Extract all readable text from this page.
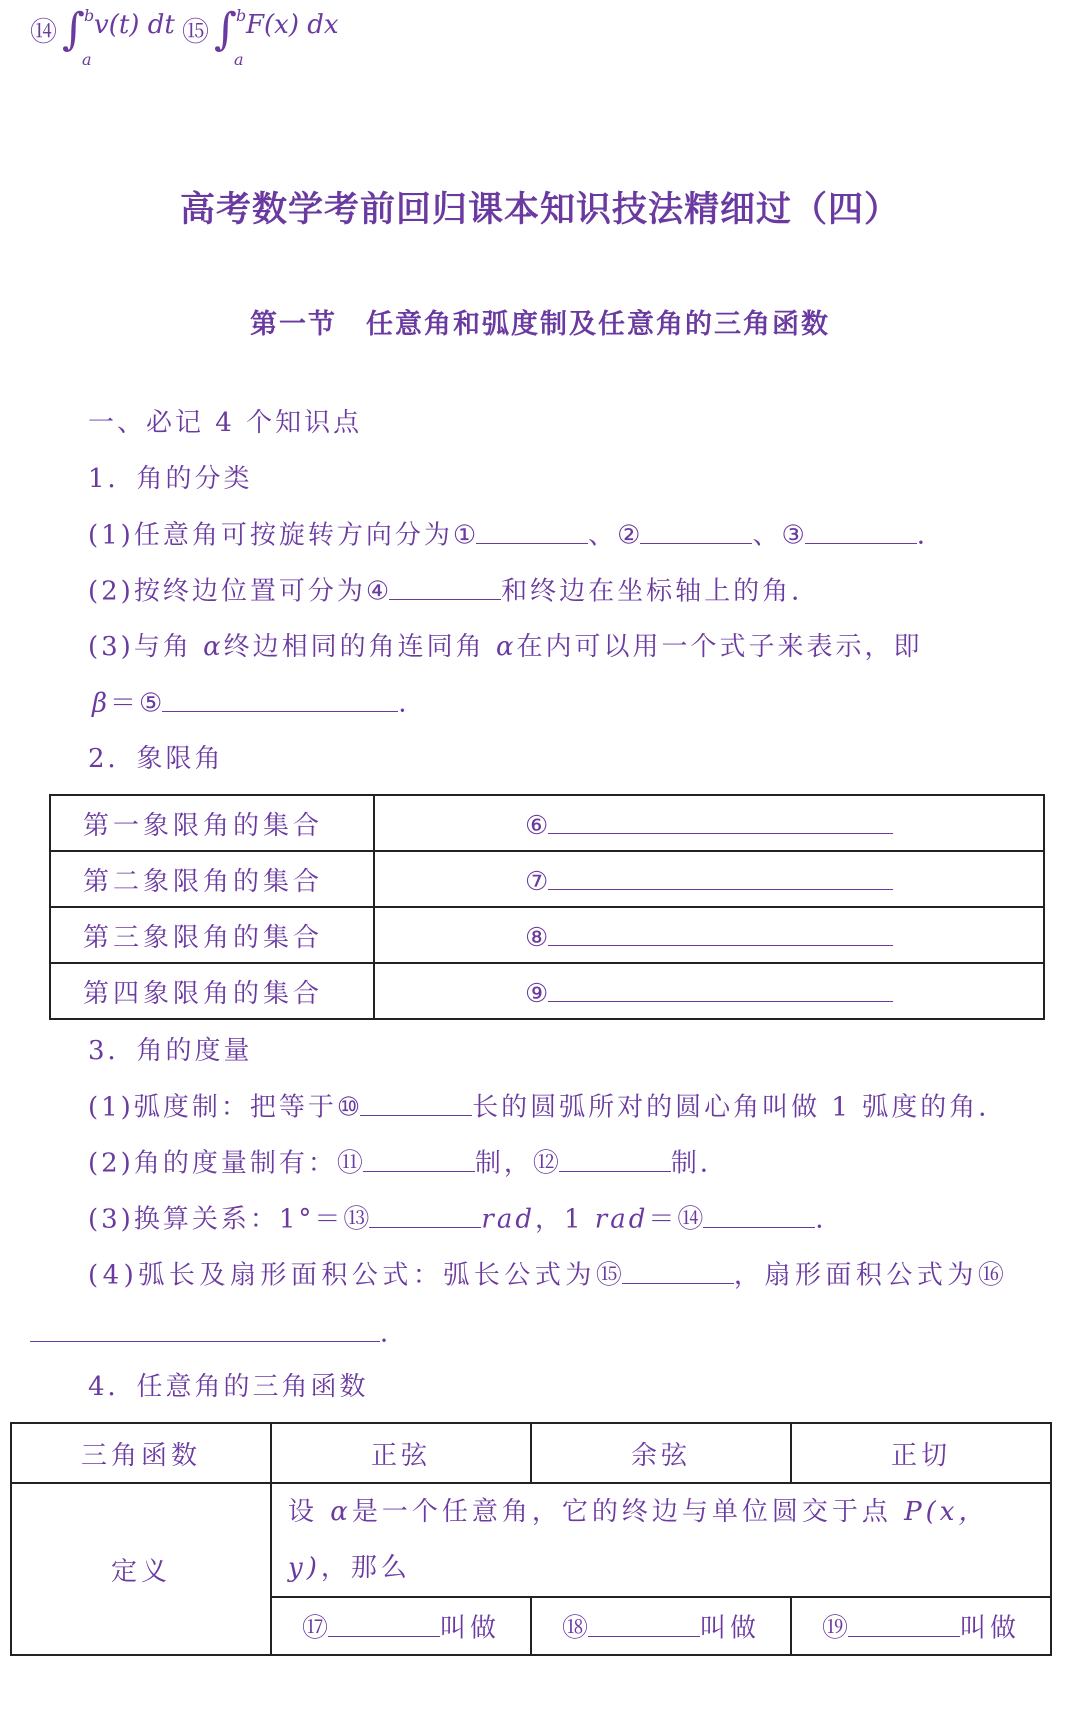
⑭ ∫
a
b v(t) dt ⑮ ∫
a
b F(x) dx
高考数学考前回归课本知识技法精细过（四）
第一节　任意角和弧度制及任意角的三角函数
一、必记 4 个知识点
1．角的分类
(1)任意角可按旋转方向分为①	、②	、③	．
(2)按终边位置可分为④	和终边在坐标轴上的角．
(3)与角 α终边相同的角连同角 α在内可以用一个式子来表示，即
β＝⑤	．
2．象限角
第一象限角的集合	⑥
第二象限角的集合	⑦
第三象限角的集合	⑧
第四象限角的集合	⑨
3．角的度量
(1)弧度制：把等于⑩	长的圆弧所对的圆心角叫做 1 弧度的角．
(2)角的度量制有：⑪	制，⑫	制．
(3)换算关系：1°＝⑬	rad，1 rad＝⑭	．
(4)弧长及扇形面积公式：弧长公式为⑮	，扇形面积公式为⑯
．
4．任意角的三角函数
三角函数	正弦	余弦	正切
定义	设 α是一个任意角，它的终边与单位圆交于点 P(x，y)，那么		
	⑰ 叫做	⑱ 叫做	⑲ 叫做
